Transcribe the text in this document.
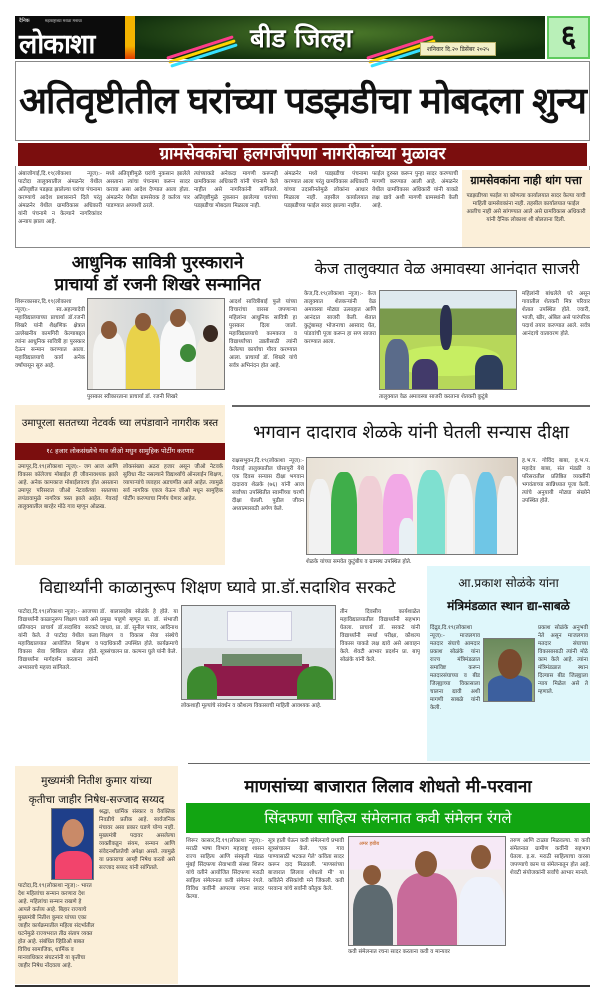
दैनिक	महाराष्ट्राच्या मराठा मनाचा
लोकाशा	बीड जिल्हा	शनिवार दि.२० डिसेंबर २०२५	६
अतिवृष्टीतील घरांच्या पडझडीचा मोबदला शुन्य
ग्रामसेवकांचा हलगर्जीपणा नागरीकांच्या मुळावर
अंबाजोगाई,दि.१९(लोकाशा न्यूज):- पाटोदा तालुक्यातील अंमळनेर येथील अतिवृष्टीत पडझड झालेल्या घरांचा पंचनामा करण्याचे आदेश प्रशासनाने दिले परंतु अंमळनेर येथील ग्रामविकास अधिकारी यांनी पंचनामे न केल्याने नागरिकांवर अन्याय झाला आहे.
मध्ये अतिवृष्टीमुळे घरांचे नुकसान झालेले असताना त्यांचा पंचनामा करून सादर करावा असा आदेश देण्यात आला होता. अंमळनेर येथील ग्रामसेवक हे कर्तव्य पार पाडण्यात अपयशी ठरले.
त्यांच्याकडे अनेकदा मागणी करूनही ग्रामविकास अधिकारी यांनी पंचनामे केले नाहीत असे नागरिकांनी सांगितले. अतिवृष्टीमुळे नुकसान झालेल्या घरांच्या पडझडीचा मोबदला मिळाला नाही.
अंमळनेर मध्ये पडझडीचा पंचनामा करण्यात आला परंतु ग्रामविकास अधिकारी यांच्या उदासीनतेमुळे लोकांना आधार मिळाला नाही. तहसील कार्यालयात पडझडीच्या फाईल सादर झाल्या नाहीत.
फाईल दुरुस्त करून पुन्हा सादर करण्याची मागणी करण्यात आली आहे. अंमळनेर येथील ग्रामविकास अधिकारी यांनी याकडे लक्ष द्यावे अशी मागणी ग्रामस्थांनी केली आहे.
ग्रामसेवकांना नाही थांग पत्ता
पडझडीच्या फाईल या कोणत्या कार्यालयात सादर केल्या याची माहिती ग्रामसेवकांना नाही. तहसील कार्यालयात फाईल आलीच नाही असे सांगण्यात आले असे ग्रामविकास अधिकारी यांनी दैनिक लोकाशा शी बोलताना दिली.
आधुनिक सावित्री पुरस्काराने
प्राचार्या डॉ रजनी शिखरे सन्मानित
शिरूरकासार,दि.१९(लोकाशा न्यूज):- स्व.अहल्यादेवी महाविद्यालयाच्या प्राचार्या डॉ.रजनी शिखरे यांनी शैक्षणिक क्षेत्रात उल्लेखनीय कामगिरी केल्याबद्दल त्यांना आधुनिक सावित्री हा पुरस्कार देऊन सन्मान करण्यात आला. महाविद्यालयाचे कार्य अनेक वर्षांपासून सुरु आहे.
पुरस्कार स्वीकारताना प्राचार्या डॉ. रजनी शिखरे
आदर्श सावित्रीबाई फुले यांच्या विचारांचा वारसा जपणाऱ्या महिलांना आधुनिक सावित्री हा पुरस्कार दिला जातो. महाविद्यालयाचे कामकाज व विद्यार्थ्यांच्या उन्नतीसाठी त्यांनी केलेल्या कार्याचा गौरव करण्यात आला. प्राचार्या डॉ. शिखरे यांचे सर्वत्र अभिनंदन होत आहे.
केज तालुक्यात वेळ अमावस्या आनंदात साजरी
केज,दि.१९(लोकाशा न्यूज):- केज तालुक्यात शेतकऱ्यांनी वेळ अमावस्या मोठ्या उत्साहात आणि आनंदात साजरी केली. शेतात कुटुंबासह भोजनाचा आस्वाद घेत, पांडवांची पूजा करून हा सण साजरा करण्यात आला.
तालुक्यात वेळ अमावस्या साजरी करताना शेतकरी कुटुंबे
महिलांनी बांधलेले घरे असून गावातील शेतकरी मित्र परिवार शेतात उपस्थित होते. ज्वारी, भाजी, खीर, अंबिल असे पारंपरिक पदार्थ तयार करण्यात आले. सर्वत्र आनंदाचे वातावरण होते.
उमापूरला सततच्या नेटवर्क च्या लपंडावाने नागरीक त्रस्त
१८ हजार लोकसंख्येचे गाव जीओ मधुन सामुहिक पोर्टींग करणार
उमापूर,दि.१९(लोकाशा न्यूज):- जग आज आणि विकास कॉलेजच मोबाईल ही जीवनावश्यक झाले आहे. अनेक कामकाज मोबाईलवरच होत असताना उमापूर परिसरात जीओ नेटवर्कच्या सततच्या लपंडावामुळे नागरिक त्रस्त झाले आहेत. गेवराई तालुक्यातील बारहेर मोठे गाव म्हणून ओळख.
लोकसंख्या अठरा हजार असून जीओ नेटवर्क सुविधा नीट नसल्याने विद्यार्थ्यांचे ऑनलाईन शिक्षण, व्यापाऱ्यांचे व्यवहार अडचणीत आले आहेत. त्यामुळे सर्व नागरिक एकत्र येऊन जीओ मधून सामुहिक पोर्टींग करण्याचा निर्णय घेणार आहेत.
भगवान दादाराव शेळके यांनी घेतली सन्यास दीक्षा
राक्षसभुवन,दि.१९(लोकाशा न्यूज):- गेवराई तालुक्यातील घोसापुरी येथे एक दिवस सन्यास दीक्षा भगवान दादाराव शेळके (७६) यांनी आज सर्वांच्या उपस्थितीत स्वामींच्या चरणी दीक्षा घेतली. पुढील जीवन अध्यात्मासाठी अर्पण केले.
शेळके यांच्या समवेत कुटुंबीय व ग्रामस्थ उपस्थित होते.
ह.भ.प. गोविंद बाबा, ह.भ.प. महादेव बाबा, संत मंडळी व परिसरातील प्रतिष्ठित व्यक्तींनी भगवंताच्या सान्निध्यात पूजा केली. त्यांचे अनुयायी मोठ्या संख्येने उपस्थित होते.
विद्यार्थ्यांनी काळानुरूप शिक्षण घ्यावे प्रा.डॉ.सदाशिव सरकटे
पाटोदा,दि.१९(लोकाशा न्यूज):- आजच्या विद्यार्थ्यांनी काळानुरूप शिक्षण घ्यावे असे प्रतिपादन प्राचार्य डॉ.सदाशिव सरकटे यांनी केले. ते पाटोदा येथील कला महाविद्यालयात आयोजित शिक्षण व विकास सेवा शिबिरात बोलत होते. विद्यार्थ्यांना मार्गदर्शन करताना त्यांनी अभ्यासाचे महत्त्व सांगितले.
डॉ. बालासाहेब सोळंके हे होते. या प्रमुख पाहुणे म्हणून प्रा. डॉ. संभाजी जाधव, प्रा. डॉ. सुनील पवार, आदिनाथ शिक्षण व विकास सेवा संस्थेचे पदाधिकारी उपस्थित होते. कार्यक्रमाचे सूत्रसंचालन प्रा. कल्पना घुले यांनी केले.
लोकशाही मूल्यांचे संवर्धन व कौशल्य विकासाची माहिती आवश्यक आहे.
तीन दिवसीय कार्यशाळेत महाविद्यालयातील विद्यार्थ्यांनी सहभाग घेतला. प्राचार्य डॉ. सरकटे यांनी विद्यार्थ्यांनी स्पर्धा परीक्षा, कौशल्य विकास याकडे लक्ष द्यावे असे आवाहन केले. शेवटी आभार प्रदर्शन प्रा. बापू सोळंके यांनी केले.
आ.प्रकाश सोळंके यांना
मंत्रिमंडळात स्थान द्या-साबळे
दिंद्रुड,दि.१९(लोकाशा न्यूज):- माजलगाव मतदार संघाचे आमदार प्रकाश सोळंके यांना राज्य मंत्रिमंडळात समाविष्ट करून मतदारसंघाच्या व बीड जिल्ह्याच्या विकासाला चालना द्यावी अशी मागणी साबळे यांनी केली.
प्रकाश सोळंके अनुभवी नेते असून माजलगाव मतदार संघाच्या विकासासाठी त्यांनी मोठे काम केले आहे. त्यांना मंत्रिमंडळात स्थान दिल्यास बीड जिल्ह्याला न्याय मिळेल असे ते म्हणाले.
मुख्यमंत्री नितीश कुमार यांच्या
कृतीचा जाहीर निषेध-सज्जाद सय्यद
पाटोदा,दि.१९(लोकाशा न्यूज):- भारत देश महिलांचा सन्मान करणारा देश आहे. महिलांचा सन्मान राखणे हे आपले कर्तव्य आहे. बिहार राज्याचे मुख्यमंत्री नितीश कुमार यांच्या एका जाहीर कार्यक्रमातील महिला संदर्भातील घटनेमुळे राज्यभरात तीव्र संताप व्यक्त होत आहे. संबंधित व्हिडिओ बाबत विविध सामाजिक, धार्मिक व मानवाधिकार संघटनांनी या कृतीचा जाहीर निषेध नोंदवला आहे.
श्रद्धा, धार्मिक संस्कार व वैयक्तिक निवडीचे प्रतीक आहे. सार्वजनिक मंचावर असा प्रकार घडणे योग्य नाही. मुख्यमंत्री पदावर असलेल्या व्यक्तीकडून संयम, सन्मान आणि संवेदनशीलतेची अपेक्षा असते. त्यामुळे या प्रकाराचा आम्ही निषेध करतो असे सज्जाद सय्यद यांनी सांगितले.
माणसांच्या बाजारात लिलाव शोधतो मी-परवाना
सिंदफणा साहित्य संमेलनात कवी संमेलन रंगले
शिरूर कासार,दि.१९(लोकाशा न्यूज):- मराठी भाषा विभाग महाराष्ट्र शासन राज्य साहित्य आणि संस्कृती मंडळ मुंबई सिंदफणा सेवाभावी संस्था शिरूर यांचे वतीने आयोजित सिंदफणा मराठी साहित्य संमेलनात कवी संमेलन रंगले. विविध कवींनी आपल्या रचना सादर केल्या.
सूत्र हाती घेऊन कवी संमेलनाचे प्रभावी सूत्रसंचालन केले. 'एक गाव पाण्यासाठी भटकत गेले' कविता सादर करून दाद मिळवली. 'माणसांच्या बाजारात लिलाव शोधतो मी' या कवितेने रसिकांची मने जिंकली. कवी परवाना यांचे सर्वांनी कौतुक केले.
अमर हबीब
कवी संमेलनात रचना सादर करताना कवी व मान्यवर
तरुण आणि टाळ्या मिळवल्या. या कवी संमेलनात ग्रामीण कवींनी सहभाग घेतला. इ.स. मराठी साहित्याचा वारसा जपण्याचे काम या संमेलनातून होत आहे. शेवटी संयोजकांनी सर्वांचे आभार मानले.
